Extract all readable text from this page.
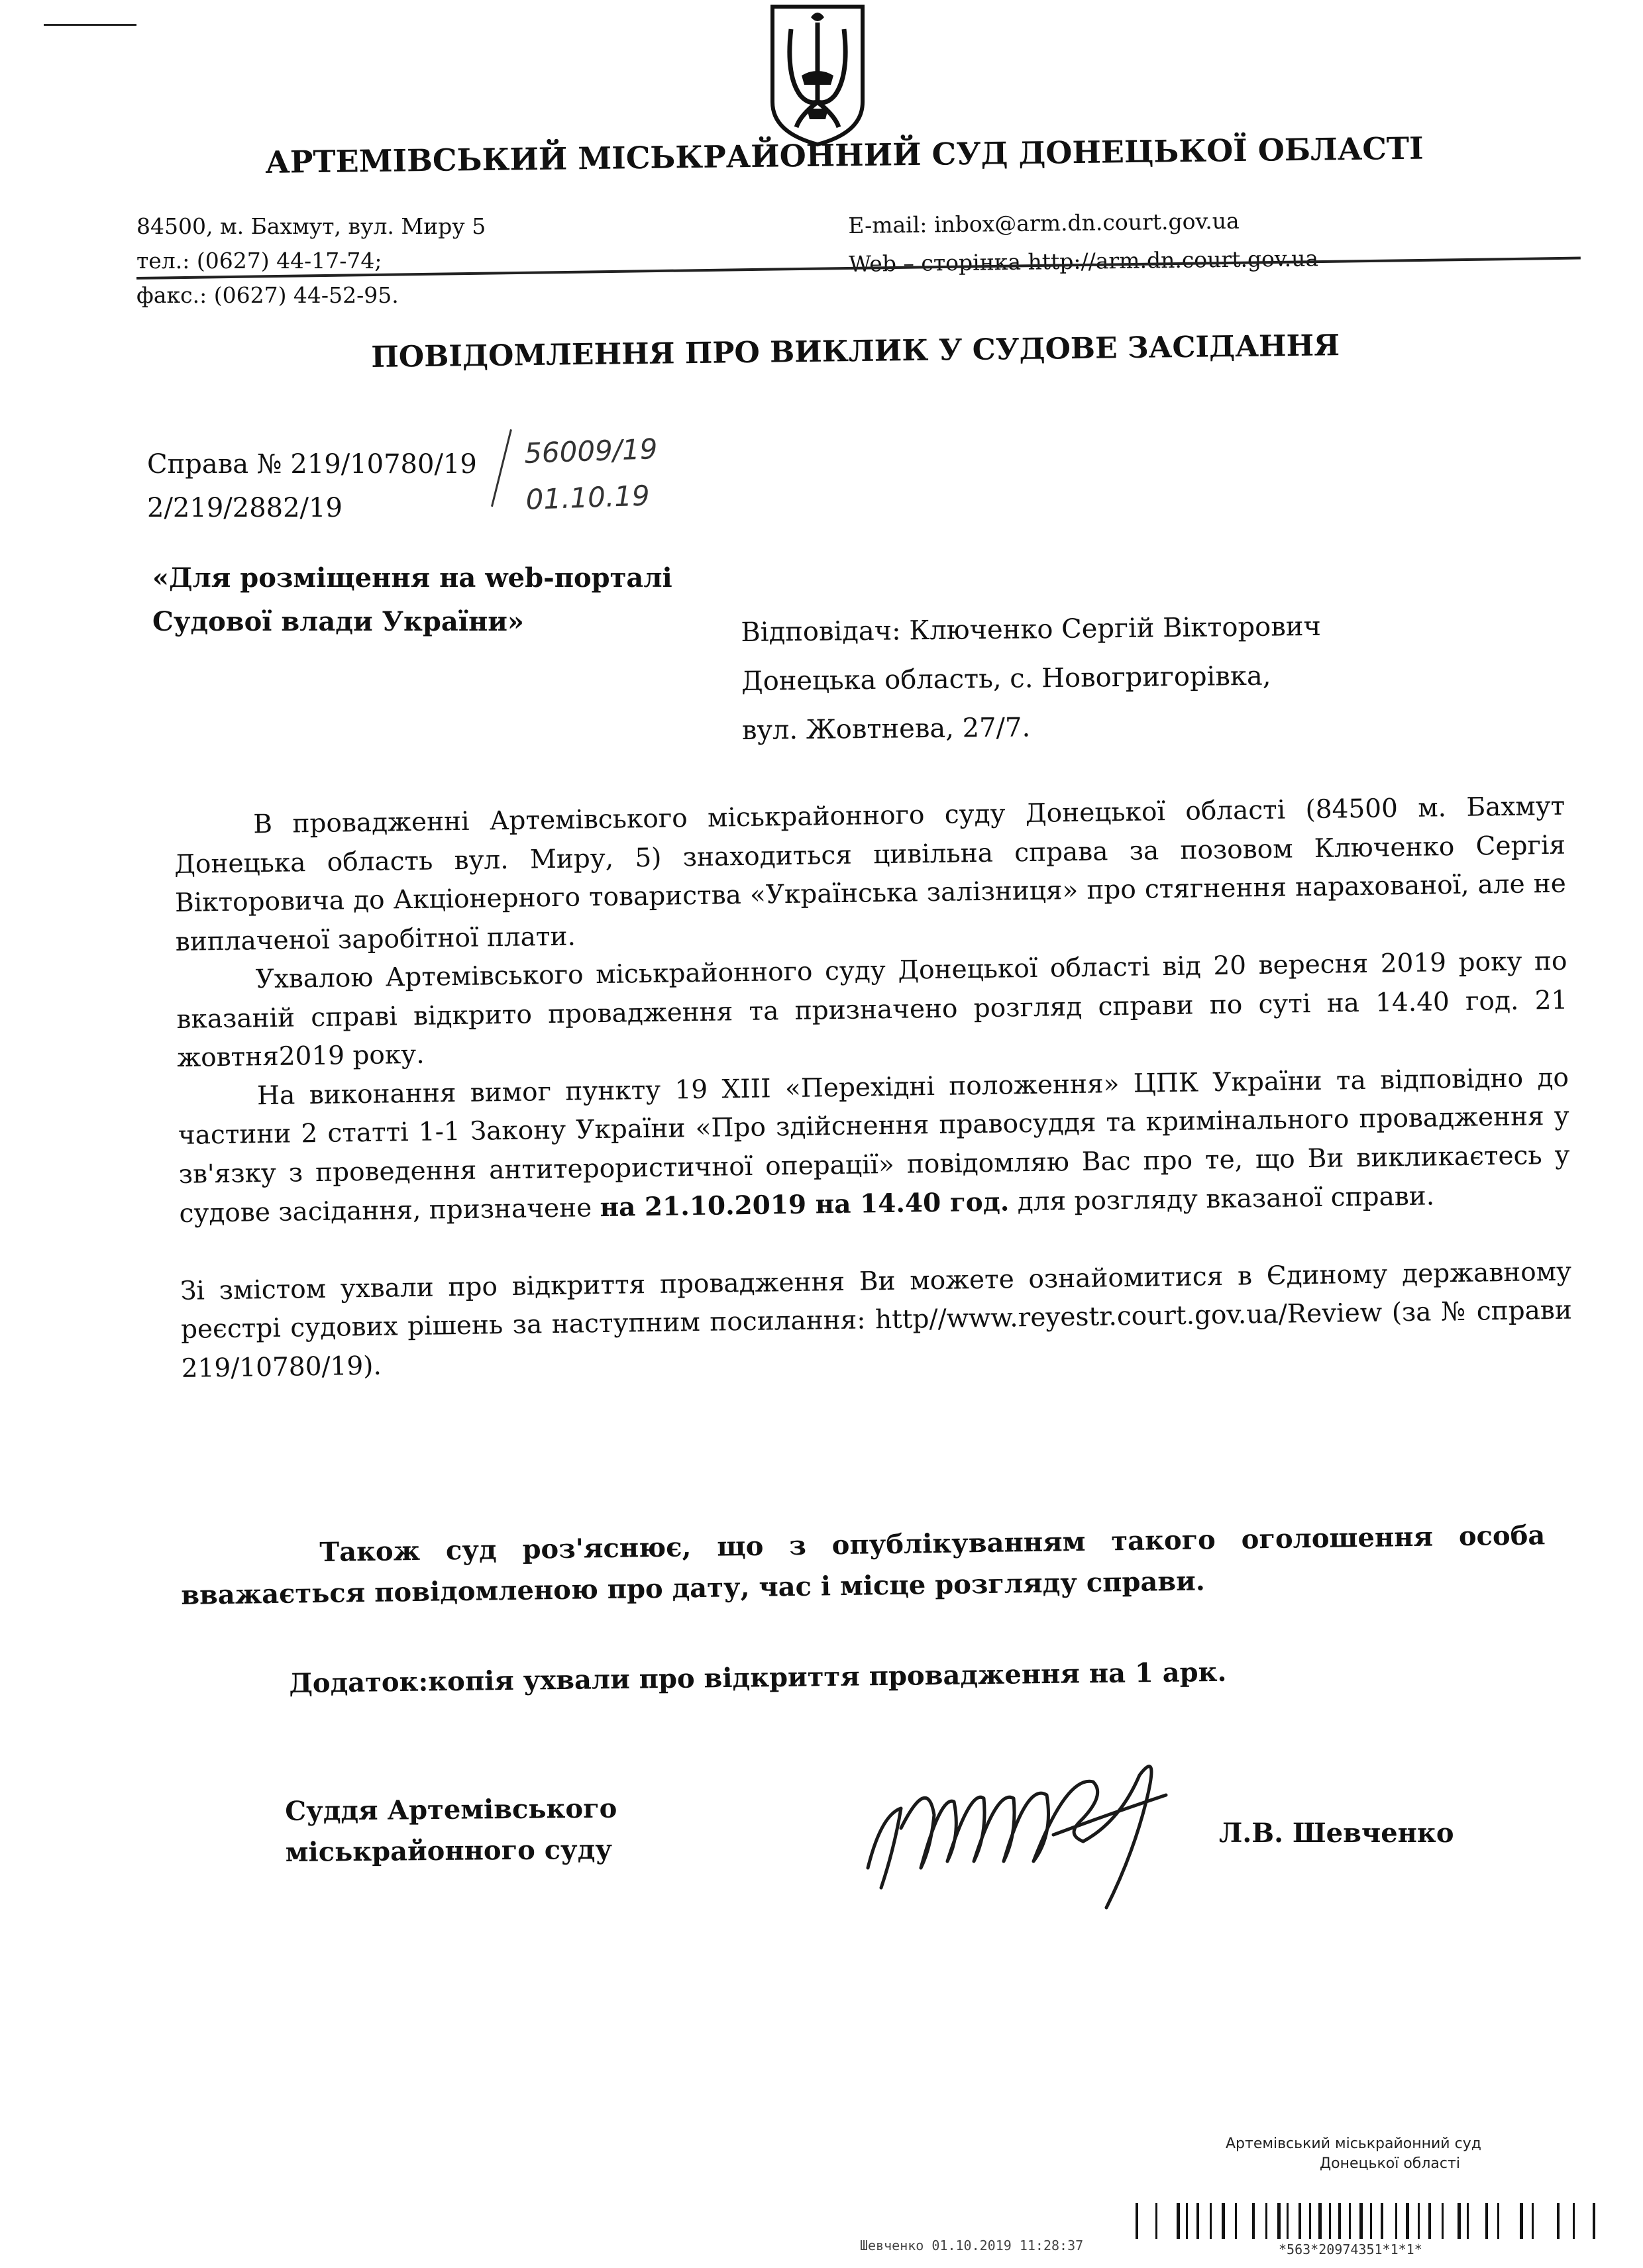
АРТЕМІВСЬКИЙ МІСЬКРАЙОННИЙ СУД ДОНЕЦЬКОЇ ОБЛАСТІ
84500, м. Бахмут, вул. Миру 5
тел.: (0627) 44-17-74;
факс.: (0627) 44-52-95.
E-mail: inbox@arm.dn.court.gov.ua
Web – сторінка http://arm.dn.court.gov.ua
ПОВІДОМЛЕННЯ ПРО ВИКЛИК У СУДОВЕ ЗАСІДАННЯ
Справа № 219/10780/19
2/219/2882/19
56009/19
01.10.19
«Для розміщення на web-порталі
Судової влади України»	Відповідач: Ключенко Сергій Вікторович
Донецька область, с. Новогригорівка,
вул. Жовтнева, 27/7.

В провадженні Артемівського міськрайонного суду Донецької області (84500 м. Бахмут Донецька область вул. Миру, 5) знаходиться цивільна справа за позовом Ключенко Сергія Вікторовича до Акціонерного товариства «Українська залізниця» про стягнення нарахованої, але не виплаченої заробітної плати.

Ухвалою Артемівського міськрайонного суду Донецької області від 20 вересня 2019 року по вказаній справі відкрито провадження та призначено розгляд справи по суті на 14.40 год. 21 жовтня2019 року.

На виконання вимог пункту 19 XIII «Перехідні положення» ЦПК України та відповідно до частини 2 статті 1-1 Закону України «Про здійснення правосуддя та кримінального провадження у зв'язку з проведення антитерористичної операції» повідомляю Вас про те, що Ви викликаєтесь у судове засідання, призначене на 21.10.2019 на 14.40 год. для розгляду вказаної справи.

Зі змістом ухвали про відкриття провадження Ви можете ознайомитися в Єдиному державному реєстрі судових рішень за наступним посилання: http//www.reyestr.court.gov.ua/Review (за № справи 219/10780/19).

Також суд роз'яснює, що з опублікуванням такого оголошення особа вважається повідомленою про дату, час і місце розгляду справи.

Додаток:копія ухвали про відкриття провадження на 1 арк.
Суддя Артемівського
міськрайонного суду
Л.В. Шевченко
Артемівський міськрайонний суд
Донецької області
Шевченко 01.10.2019 11:28:37	*563*20974351*1*1*
